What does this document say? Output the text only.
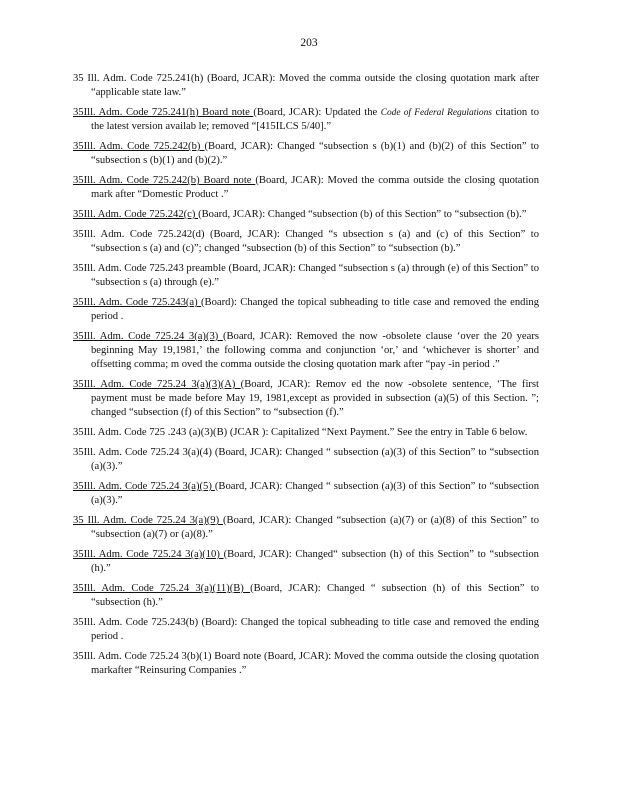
203
35 Ill. Adm. Code 725.241(h) (Board, JCAR): Moved the comma outside the closing quotation mark after “applicable state law.”
35Ill. Adm. Code 725.241(h) Board note (Board, JCAR): Updated the Code of Federal Regulations citation to the latest version availab le; removed “[415ILCS 5/40].”
35Ill. Adm. Code 725.242(b) (Board, JCAR): Changed “subsection s (b)(1) and (b)(2) of this Section” to “subsection s (b)(1) and (b)(2).”
35Ill. Adm. Code 725.242(b) Board note (Board, JCAR): Moved the comma outside the closing quotation mark after “Domestic Product .”
35Ill. Adm. Code 725.242(c) (Board, JCAR): Changed “subsection (b) of this Section” to “subsection (b).”
35Ill. Adm. Code 725.242(d) (Board, JCAR): Changed “s ubsection s (a) and (c) of this Section” to “subsection s (a) and (c)”; changed “subsection (b) of this Section” to “subsection (b).”
35Ill. Adm. Code 725.243 preamble (Board, JCAR): Changed “subsection s (a) through (e) of this Section” to “subsection s (a) through (e).”
35Ill. Adm. Code 725.243(a) (Board): Changed the topical subheading to title case and removed the ending period .
35Ill. Adm. Code 725.24 3(a)(3) (Board, JCAR): Removed the now -obsolete clause ‘over the 20 years beginning May 19,1981,’ the following comma and conjunction ‘or,’ and ‘whichever is shorter’ and offsetting comma; m oved the comma outside the closing quotation mark after “pay -in period .”
35Ill. Adm. Code 725.24 3(a)(3)(A) (Board, JCAR): Remov ed the now -obsolete sentence, ‘The first payment must be made before May 19, 1981,except as provided in subsection (a)(5) of this Section. ”; changed “subsection (f) of this Section” to “subsection (f).”
35Ill. Adm. Code 725 .243 (a)(3)(B) (JCAR ): Capitalized “Next Payment.” See the entry in Table 6 below.
35Ill. Adm. Code 725.24 3(a)(4) (Board, JCAR): Changed “ subsection (a)(3) of this Section” to “subsection (a)(3).”
35Ill. Adm. Code 725.24 3(a)(5) (Board, JCAR): Changed “ subsection (a)(3) of this Section” to “subsection (a)(3).”
35 Ill. Adm. Code 725.24 3(a)(9) (Board, JCAR): Changed “subsection (a)(7) or (a)(8) of this Section” to “subsection (a)(7) or (a)(8).”
35Ill. Adm. Code 725.24 3(a)(10) (Board, JCAR): Changed“ subsection (h) of this Section” to “subsection (h).”
35Ill. Adm. Code 725.24 3(a)(11)(B) (Board, JCAR): Changed “ subsection (h) of this Section” to “subsection (h).”
35Ill. Adm. Code 725.243(b) (Board): Changed the topical subheading to title case and removed the ending period .
35Ill. Adm. Code 725.24 3(b)(1) Board note (Board, JCAR): Moved the comma outside the closing quotation markafter “Reinsuring Companies .”
